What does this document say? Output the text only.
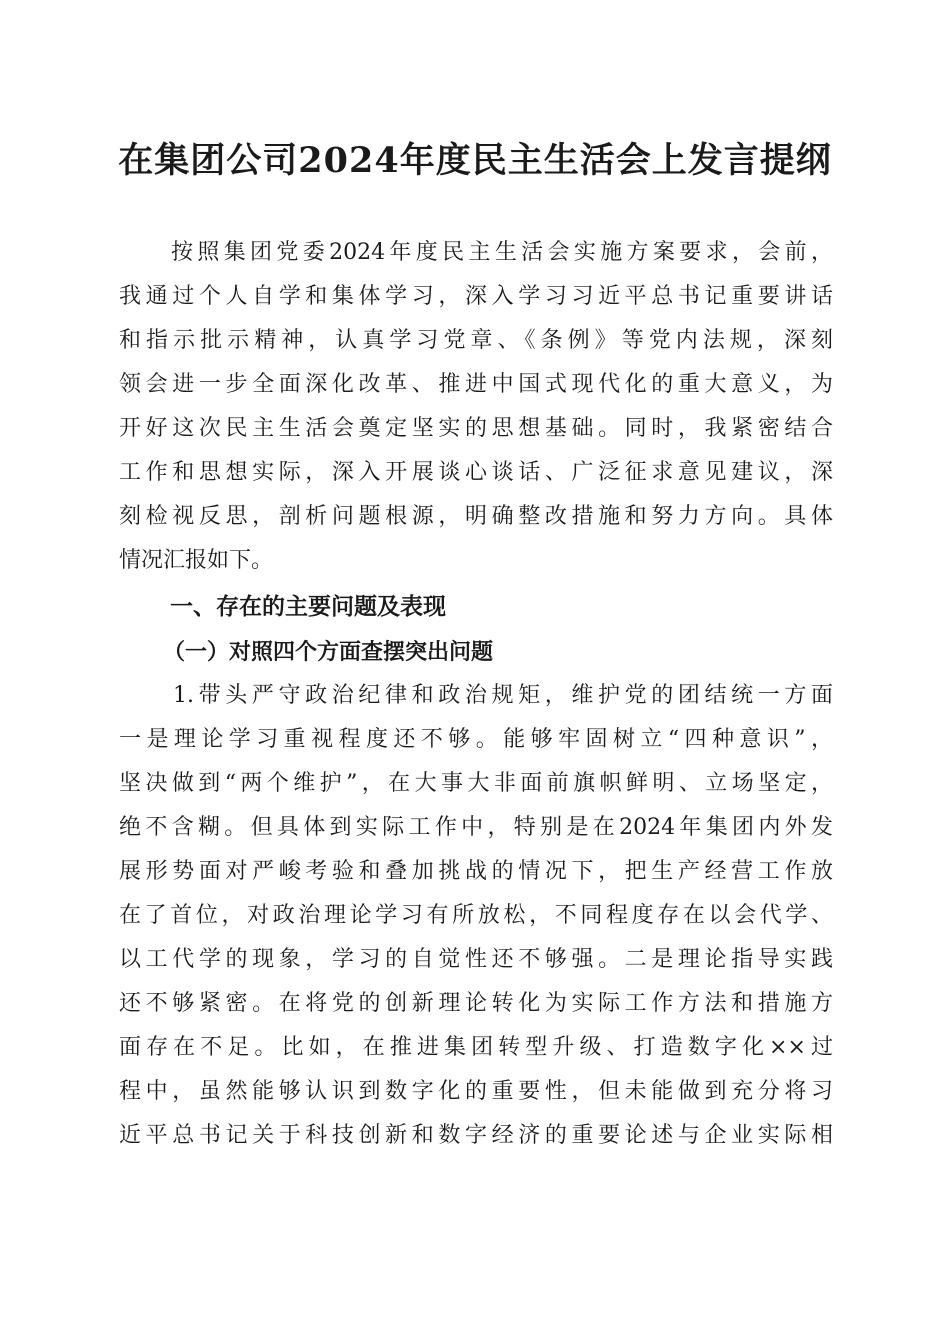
在集团公司2024年度民主生活会上发言提纲
按照集团党委2024年度民主生活会实施方案要求，会前，
我通过个人自学和集体学习，深入学习习近平总书记重要讲话
和指示批示精神，认真学习党章、《条例》等党内法规，深刻
领会进一步全面深化改革、推进中国式现代化的重大意义，为
开好这次民主生活会奠定坚实的思想基础。同时，我紧密结合
工作和思想实际，深入开展谈心谈话、广泛征求意见建议，深
刻检视反思，剖析问题根源，明确整改措施和努力方向。具体
情况汇报如下。
一、存在的主要问题及表现
（一）对照四个方面查摆突出问题
1.带头严守政治纪律和政治规矩，维护党的团结统一方面
一是理论学习重视程度还不够。能够牢固树立“四种意识”，
坚决做到“两个维护”，在大事大非面前旗帜鲜明、立场坚定，
绝不含糊。但具体到实际工作中，特别是在2024年集团内外发
展形势面对严峻考验和叠加挑战的情况下，把生产经营工作放
在了首位，对政治理论学习有所放松，不同程度存在以会代学、
以工代学的现象，学习的自觉性还不够强。二是理论指导实践
还不够紧密。在将党的创新理论转化为实际工作方法和措施方
面存在不足。比如，在推进集团转型升级、打造数字化××过
程中，虽然能够认识到数字化的重要性，但未能做到充分将习
近平总书记关于科技创新和数字经济的重要论述与企业实际相
